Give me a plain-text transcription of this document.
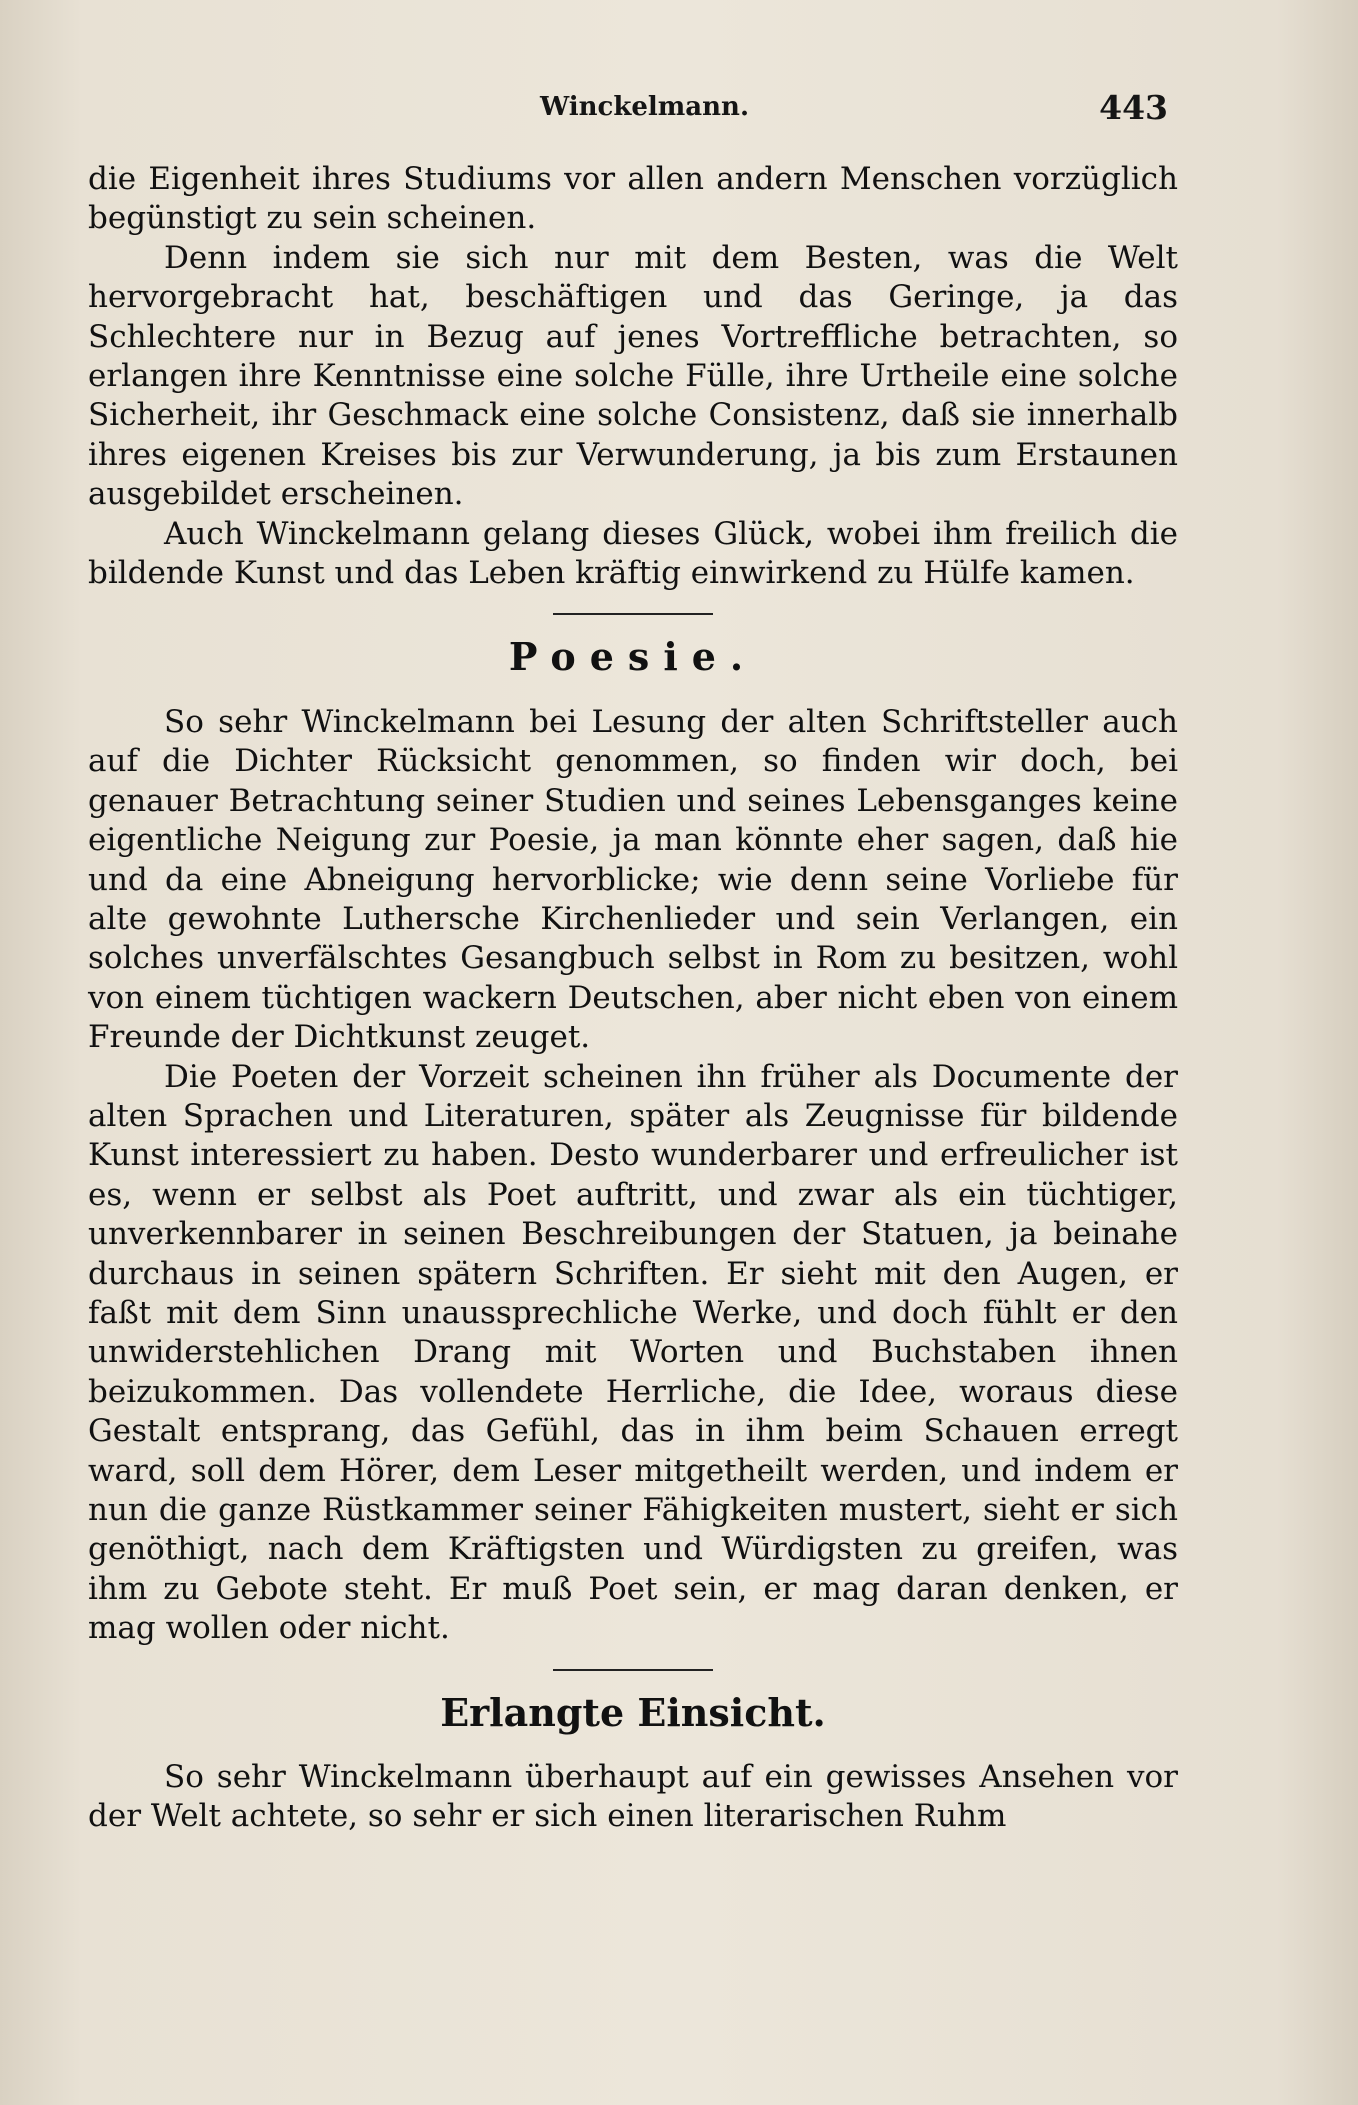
Winckelmann.	443

die Eigenheit ihres Studiums vor allen andern Menschen vorzüglich begünstigt zu sein scheinen.

Denn indem sie sich nur mit dem Besten, was die Welt hervorgebracht hat, beschäftigen und das Geringe, ja das Schlechtere nur in Bezug auf jenes Vortreffliche betrachten, so erlangen ihre Kenntnisse eine solche Fülle, ihre Urtheile eine solche Sicherheit, ihr Geschmack eine solche Consistenz, daß sie innerhalb ihres eigenen Kreises bis zur Verwunderung, ja bis zum Erstaunen ausgebildet erscheinen.

Auch Winckelmann gelang dieses Glück, wobei ihm freilich die bildende Kunst und das Leben kräftig einwirkend zu Hülfe kamen.

Poesie.

So sehr Winckelmann bei Lesung der alten Schriftsteller auch auf die Dichter Rücksicht genommen, so finden wir doch, bei genauer Betrachtung seiner Studien und seines Lebensganges keine eigentliche Neigung zur Poesie, ja man könnte eher sagen, daß hie und da eine Abneigung hervorblicke; wie denn seine Vorliebe für alte gewohnte Luthersche Kirchenlieder und sein Verlangen, ein solches unverfälschtes Gesangbuch selbst in Rom zu besitzen, wohl von einem tüchtigen wackern Deutschen, aber nicht eben von einem Freunde der Dichtkunst zeuget.

Die Poeten der Vorzeit scheinen ihn früher als Documente der alten Sprachen und Literaturen, später als Zeugnisse für bildende Kunst interessiert zu haben. Desto wunderbarer und erfreulicher ist es, wenn er selbst als Poet auftritt, und zwar als ein tüchtiger, unverkennbarer in seinen Beschreibungen der Statuen, ja beinahe durchaus in seinen spätern Schriften. Er sieht mit den Augen, er faßt mit dem Sinn unaussprechliche Werke, und doch fühlt er den unwiderstehlichen Drang mit Worten und Buchstaben ihnen beizukommen. Das vollendete Herrliche, die Idee, woraus diese Gestalt entsprang, das Gefühl, das in ihm beim Schauen erregt ward, soll dem Hörer, dem Leser mitgetheilt werden, und indem er nun die ganze Rüstkammer seiner Fähigkeiten mustert, sieht er sich genöthigt, nach dem Kräftigsten und Würdigsten zu greifen, was ihm zu Gebote steht. Er muß Poet sein, er mag daran denken, er mag wollen oder nicht.

Erlangte Einsicht.

So sehr Winckelmann überhaupt auf ein gewisses Ansehen vor der Welt achtete, so sehr er sich einen literarischen Ruhm
